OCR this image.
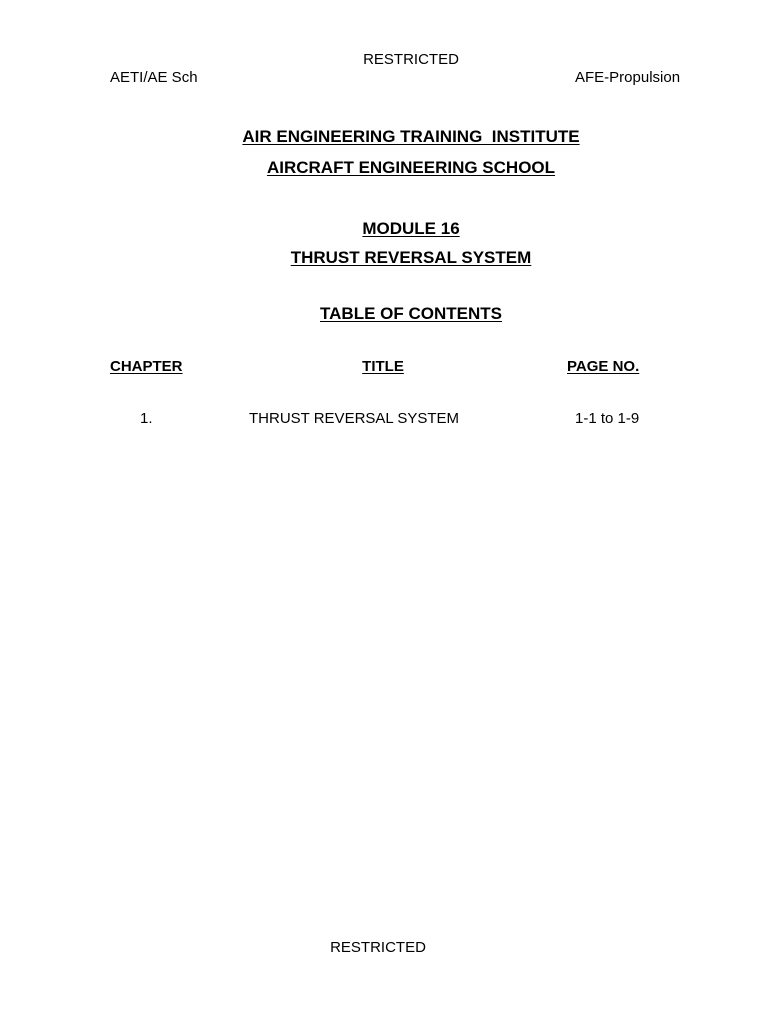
RESTRICTED
AETI/AE Sch	AFE-Propulsion
AIR ENGINEERING TRAINING  INSTITUTE
AIRCRAFT ENGINEERING SCHOOL
MODULE 16
THRUST REVERSAL SYSTEM
TABLE OF CONTENTS
CHAPTER	TITLE	PAGE NO.
1.	THRUST REVERSAL SYSTEM	1-1 to 1-9
RESTRICTED
